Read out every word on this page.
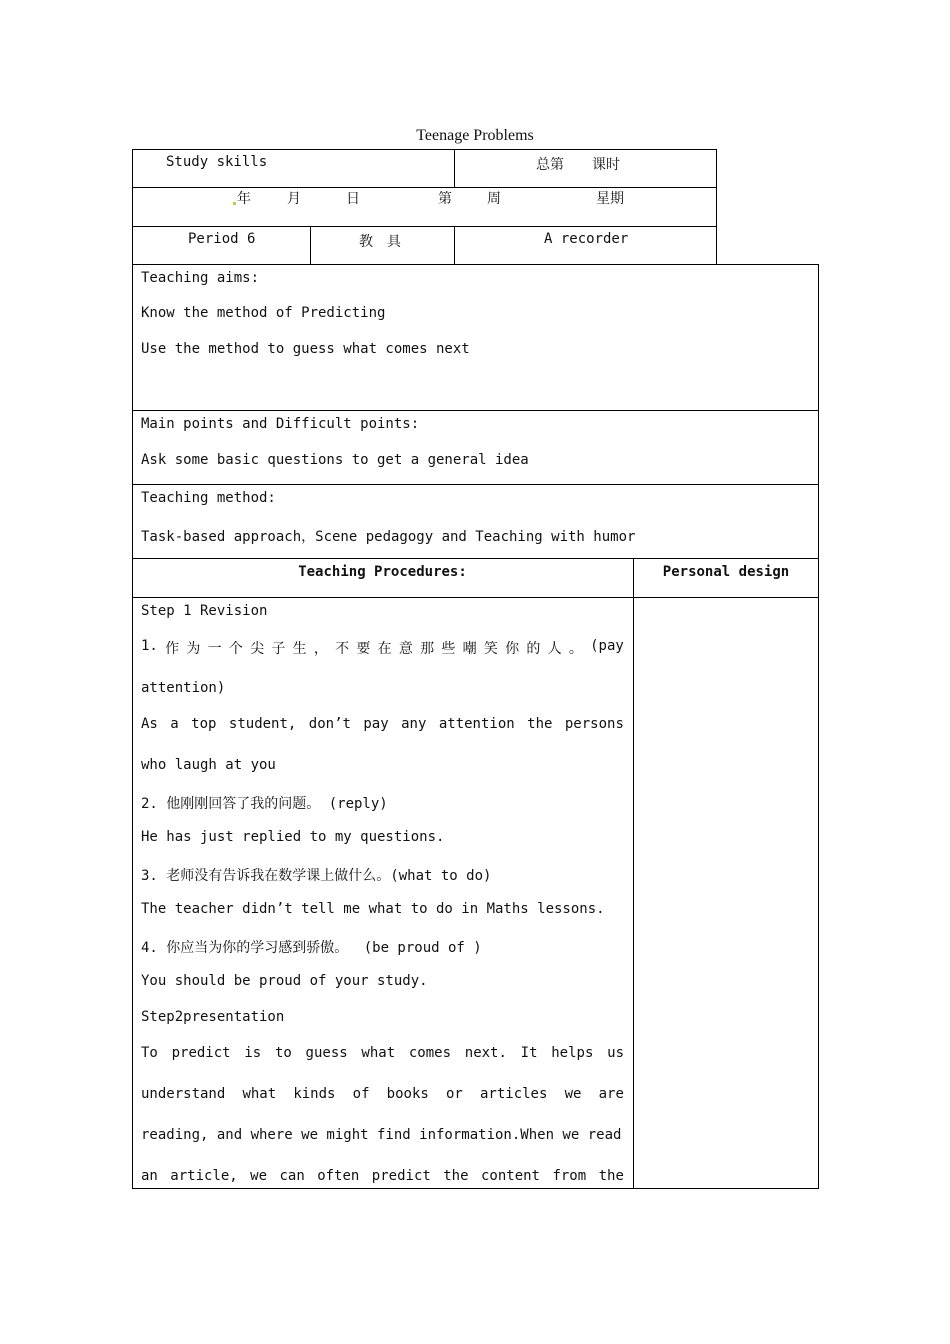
Teenage Problems
Study skills	总第　　课时
年	月	日	第	周	星期
Period 6	教　具	A recorder
Teaching aims:
Know the method of Predicting
Use the method to guess what comes next
Main points and Difficult points:
Ask some basic questions to get a general idea
Teaching method:
Task-based approach，Scene pedagogy and Teaching with humor
Teaching Procedures:	Personal design
Step 1 Revision
1. 作 为 一 个 尖 子 生 ， 不 要 在 意 那 些 嘲 笑 你 的 人 。 (pay
attention)
As a top student, don’t pay any attention the persons
who laugh at you
2. 他刚刚回答了我的问题。 (reply)
He has just replied to my questions.
3. 老师没有告诉我在数学课上做什么。(what to do)
The teacher didn’t tell me what to do in Maths lessons.
4. 你应当为你的学习感到骄傲。　 (be proud of )
You should be proud of your study.
Step2presentation
To predict is to guess what comes next. It helps us
understand what kinds of books or articles we are
reading, and where we might find information.When we read
an article, we can often predict the content from the
